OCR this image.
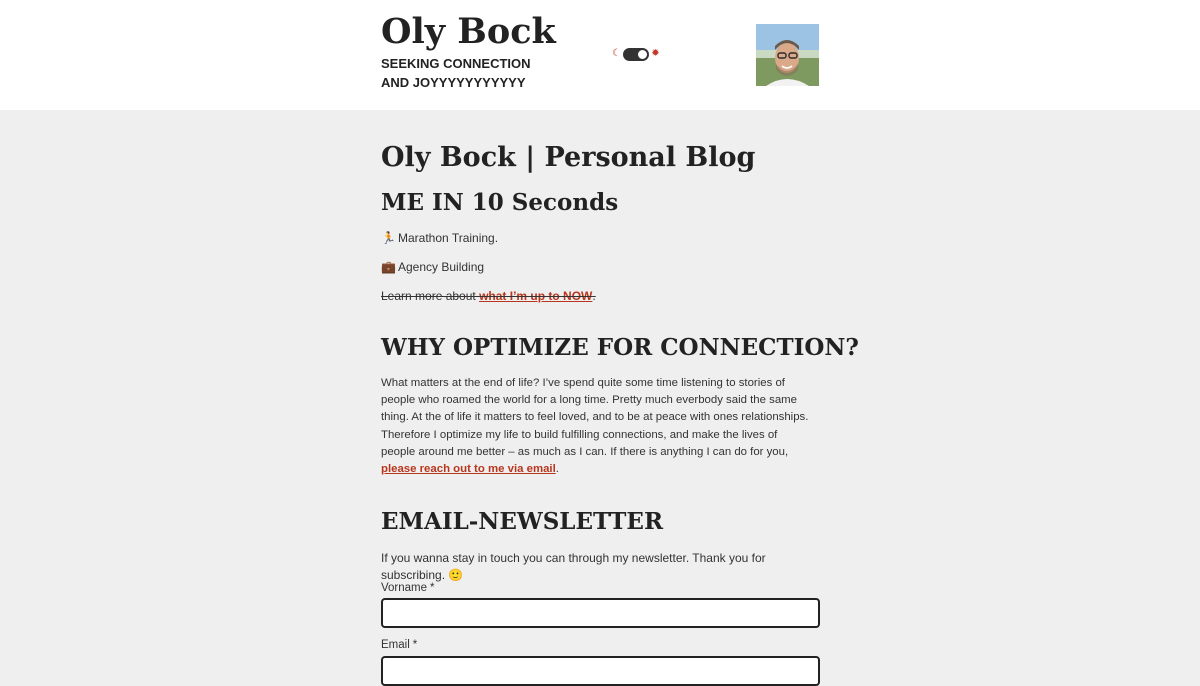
Oly Bock

SEEKING CONNECTION AND JOYYYYYYYYYYY

☾	✹
Oly Bock | Personal Blog
ME IN 10 Seconds

🏃 Marathon Training.

💼 Agency Building

Learn more about what I’m up to NOW.

WHY OPTIMIZE FOR CONNECTION?

What matters at the end of life? I’ve spend quite some time listening to stories of people who roamed the world for a long time. Pretty much everbody said the same thing. At the of life it matters to feel loved, and to be at peace with ones relationships. Therefore I optimize my life to build fulfilling connections, and make the lives of people around me better – as much as I can. If there is anything I can do for you, please reach out to me via email.

EMAIL-NEWSLETTER

If you wanna stay in touch you can through my newsletter. Thank you for subscribing. 🙂

Vorname *

Email *
